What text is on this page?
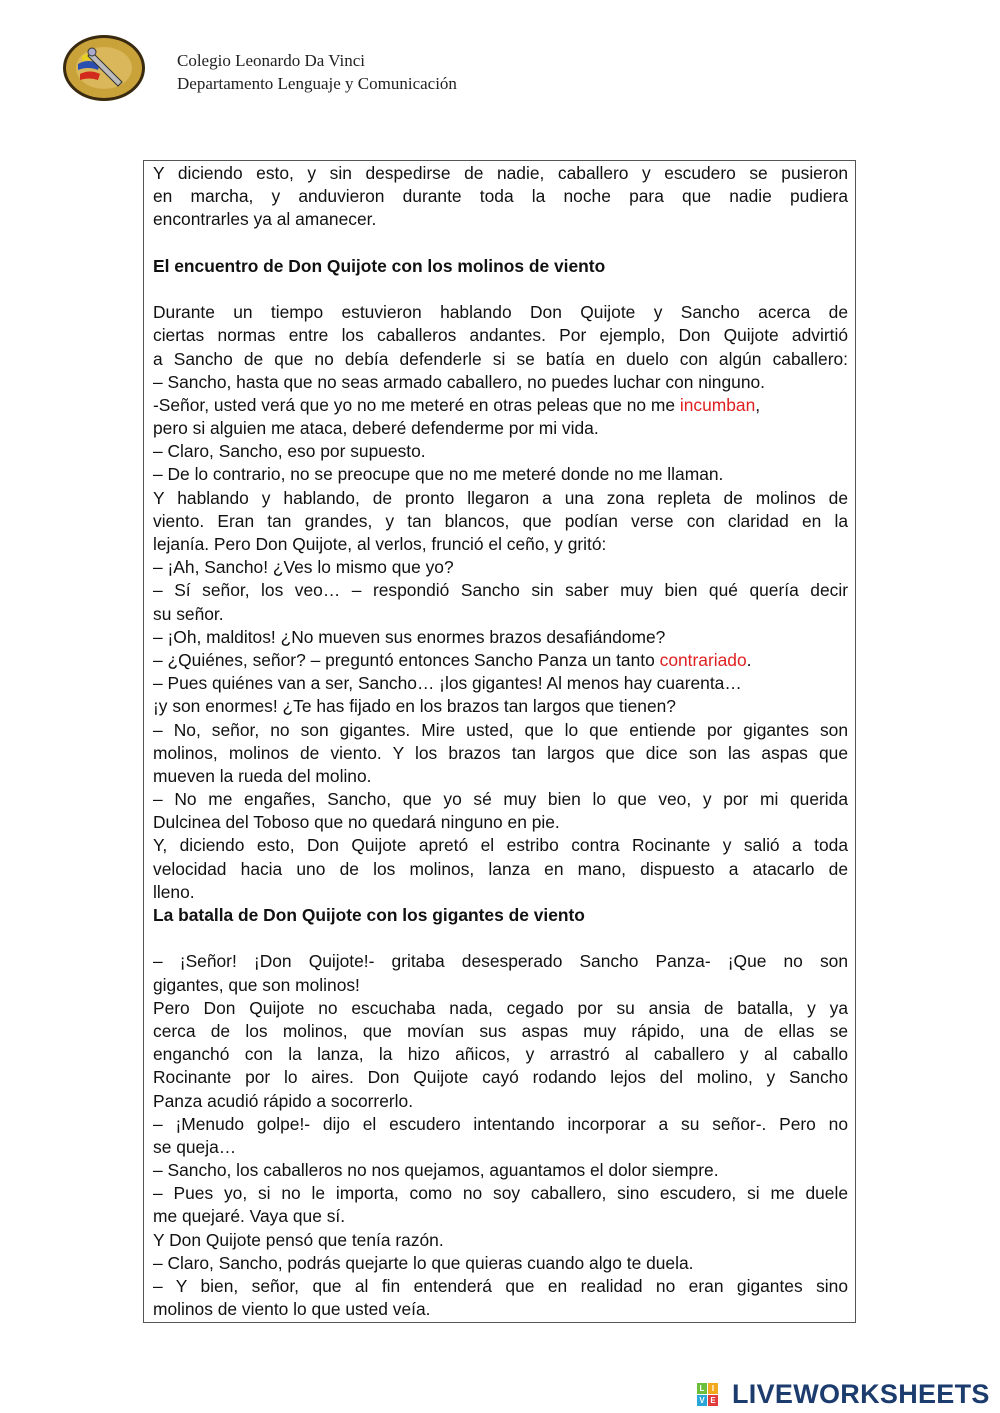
Colegio Leonardo Da Vinci
Departamento Lenguaje y Comunicación
Y diciendo esto, y sin despedirse de nadie, caballero y escudero se pusieron
en marcha, y anduvieron durante toda la noche para que nadie pudiera
encontrarles ya al amanecer.

El encuentro de Don Quijote con los molinos de viento

Durante un tiempo estuvieron hablando Don Quijote y Sancho acerca de
ciertas normas entre los caballeros andantes. Por ejemplo, Don Quijote advirtió
a Sancho de que no debía defenderle si se batía en duelo con algún caballero:
– Sancho, hasta que no seas armado caballero, no puedes luchar con ninguno.
-Señor, usted verá que yo no me meteré en otras peleas que no me incumban,
pero si alguien me ataca, deberé defenderme por mi vida.
– Claro, Sancho, eso por supuesto.
– De lo contrario, no se preocupe que no me meteré donde no me llaman.
Y hablando y hablando, de pronto llegaron a una zona repleta de molinos de
viento. Eran tan grandes, y tan blancos, que podían verse con claridad en la
lejanía. Pero Don Quijote, al verlos, frunció el ceño, y gritó:
– ¡Ah, Sancho! ¿Ves lo mismo que yo?
– Sí señor, los veo… – respondió Sancho sin saber muy bien qué quería decir
su señor.
– ¡Oh, malditos! ¿No mueven sus enormes brazos desafiándome?
– ¿Quiénes, señor? – preguntó entonces Sancho Panza un tanto contrariado.
– Pues quiénes van a ser, Sancho… ¡los gigantes! Al menos hay cuarenta…
¡y son enormes! ¿Te has fijado en los brazos tan largos que tienen?
– No, señor, no son gigantes. Mire usted, que lo que entiende por gigantes son
molinos, molinos de viento. Y los brazos tan largos que dice son las aspas que
mueven la rueda del molino.
– No me engañes, Sancho, que yo sé muy bien lo que veo, y por mi querida
Dulcinea del Toboso que no quedará ninguno en pie.
Y, diciendo esto, Don Quijote apretó el estribo contra Rocinante y salió a toda
velocidad hacia uno de los molinos, lanza en mano, dispuesto a atacarlo de
lleno.
La batalla de Don Quijote con los gigantes de viento

– ¡Señor! ¡Don Quijote!- gritaba desesperado Sancho Panza- ¡Que no son
gigantes, que son molinos!
Pero Don Quijote no escuchaba nada, cegado por su ansia de batalla, y ya
cerca de los molinos, que movían sus aspas muy rápido, una de ellas se
enganchó con la lanza, la hizo añicos, y arrastró al caballero y al caballo
Rocinante por lo aires. Don Quijote cayó rodando lejos del molino, y Sancho
Panza acudió rápido a socorrerlo.
– ¡Menudo golpe!- dijo el escudero intentando incorporar a su señor-. Pero no
se queja…
– Sancho, los caballeros no nos quejamos, aguantamos el dolor siempre.
– Pues yo, si no le importa, como no soy caballero, sino escudero, si me duele
me quejaré. Vaya que sí.
Y Don Quijote pensó que tenía razón.
– Claro, Sancho, podrás quejarte lo que quieras cuando algo te duela.
– Y bien, señor, que al fin entenderá que en realidad no eran gigantes sino
molinos de viento lo que usted veía.
L I
V E LIVEWORKSHEETS
